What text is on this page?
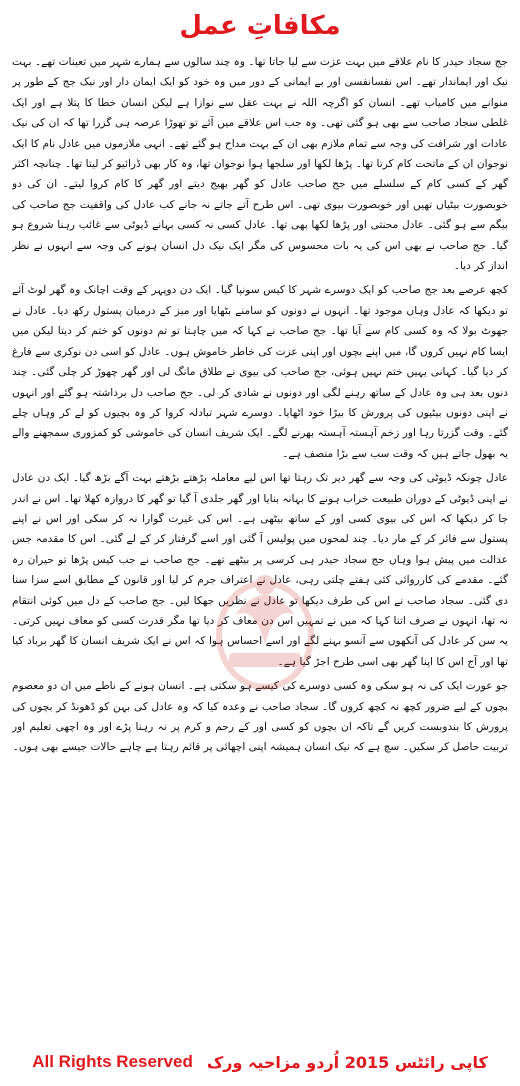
مکافاتِ عمل

جج سجاد حیدر کا نام علاقے میں بہت عزت سے لیا جاتا تھا۔ وہ چند سالوں سے ہمارے شہر میں تعینات تھے۔ بہت نیک اور ایماندار تھے۔ اس نفسانفسی اور بے ایمانی کے دور میں وہ خود کو ایک ایمان دار اور نیک جج کے طور پر منوانے میں کامیاب تھے۔ انسان کو اگرچہ اللہ نے بہت عقل سے نوازا ہے لیکن انسان خطا کا پتلا ہے اور ایک غلطی سجاد صاحب سے بھی ہو گئی تھی۔ وہ جب اس علاقے میں آئے تو تھوڑا عرصہ ہی گزرا تھا کہ ان کی نیک عادات اور شرافت کی وجہ سے تمام ملازم بھی ان کے بہت مداح ہو گئے تھے۔ انہی ملازموں میں عادل نام کا ایک نوجوان ان کے ماتحت کام کرتا تھا۔ پڑھا لکھا اور سلجھا ہوا نوجوان تھا، وہ کار بھی ڈرائیو کر لیتا تھا۔ چنانچہ اکثر گھر کے کسی کام کے سلسلے میں جج صاحب عادل کو گھر بھیج دیتے اور گھر کا کام کروا لیتے۔ ان کی دو خوبصورت بیٹیاں تھیں اور خوبصورت بیوی تھی۔ اس طرح آتے جاتے نہ جانے کب عادل کی واقفیت جج صاحب کی بیگم سے ہو گئی۔ عادل محنتی اور پڑھا لکھا بھی تھا۔ عادل کسی نہ کسی بہانے ڈیوٹی سے غائب رہنا شروع ہو گیا۔ جج صاحب نے بھی اس کی یہ بات محسوس کی مگر ایک نیک دل انسان ہونے کی وجہ سے انہوں نے نظر انداز کر دیا۔

کچھ عرصے بعد جج صاحب کو ایک دوسرے شہر کا کیس سونپا گیا۔ ایک دن دوپہر کے وقت اچانک وہ گھر لوٹ آئے تو دیکھا کہ عادل وہاں موجود تھا۔ انہوں نے دونوں کو سامنے بٹھایا اور میز کے درمیان پستول رکھ دیا۔ عادل نے جھوٹ بولا کہ وہ کسی کام سے آیا تھا۔ جج صاحب نے کہا کہ میں چاہتا تو تم دونوں کو ختم کر دیتا لیکن میں ایسا کام نہیں کروں گا، میں اپنے بچوں اور اپنی عزت کی خاطر خاموش ہوں۔ عادل کو اسی دن نوکری سے فارغ کر دیا گیا۔ کہانی یہیں ختم نہیں ہوئی، جج صاحب کی بیوی نے طلاق مانگ لی اور گھر چھوڑ کر چلی گئی۔ چند دنوں بعد ہی وہ عادل کے ساتھ رہنے لگی اور دونوں نے شادی کر لی۔ جج صاحب دل برداشتہ ہو گئے اور انہوں نے اپنی دونوں بیٹیوں کی پرورش کا بیڑا خود اٹھایا۔ دوسرے شہر تبادلہ کروا کر وہ بچیوں کو لے کر وہاں چلے گئے۔ وقت گزرتا رہا اور زخم آہستہ آہستہ بھرنے لگے۔ ایک شریف انسان کی خاموشی کو کمزوری سمجھنے والے یہ بھول جاتے ہیں کہ وقت سب سے بڑا منصف ہے۔

عادل چونکہ ڈیوٹی کی وجہ سے گھر دیر تک رہتا تھا اس لیے معاملہ بڑھتے بڑھتے بہت آگے بڑھ گیا۔ ایک دن عادل نے اپنی ڈیوٹی کے دوران طبیعت خراب ہونے کا بہانہ بنایا اور گھر جلدی آ گیا تو گھر کا دروازہ کھلا تھا۔ اس نے اندر جا کر دیکھا کہ اس کی بیوی کسی اور کے ساتھ بیٹھی ہے۔ اس کی غیرت گوارا نہ کر سکی اور اس نے اپنے پستول سے فائر کر کے مار دیا۔ چند لمحوں میں پولیس آ گئی اور اسے گرفتار کر کے لے گئی۔ اس کا مقدمہ جس عدالت میں پیش ہوا وہاں جج سجاد حیدر ہی کرسی پر بیٹھے تھے۔ جج صاحب نے جب کیس پڑھا تو حیران رہ گئے۔ مقدمے کی کارروائی کئی ہفتے چلتی رہی، عادل نے اعتراف جرم کر لیا اور قانون کے مطابق اسے سزا سنا دی گئی۔ سجاد صاحب نے اس کی طرف دیکھا تو عادل نے نظریں جھکا لیں۔ جج صاحب کے دل میں کوئی انتقام نہ تھا، انہوں نے صرف اتنا کہا کہ میں نے تمہیں اس دن معاف کر دیا تھا مگر قدرت کسی کو معاف نہیں کرتی۔ یہ سن کر عادل کی آنکھوں سے آنسو بہنے لگے اور اسے احساس ہوا کہ اس نے ایک شریف انسان کا گھر برباد کیا تھا اور آج اس کا اپنا گھر بھی اسی طرح اجڑ گیا ہے۔

جو عورت ایک کی نہ ہو سکی وہ کسی دوسرے کی کیسے ہو سکتی ہے۔ انسان ہونے کے ناطے میں ان دو معصوم بچوں کے لیے ضرور کچھ نہ کچھ کروں گا۔ سجاد صاحب نے وعدہ کیا کہ وہ عادل کی بہن کو ڈھونڈ کر بچوں کی پرورش کا بندوبست کریں گے تاکہ ان بچوں کو کسی اور کے رحم و کرم پر نہ رہنا پڑے اور وہ اچھی تعلیم اور تربیت حاصل کر سکیں۔ سچ ہے کہ نیک انسان ہمیشہ اپنی اچھائی پر قائم رہتا ہے چاہے حالات جیسے بھی ہوں۔

All Rights Reserved کاپی رائٹس 2015 اُردو مزاحیہ ورک
